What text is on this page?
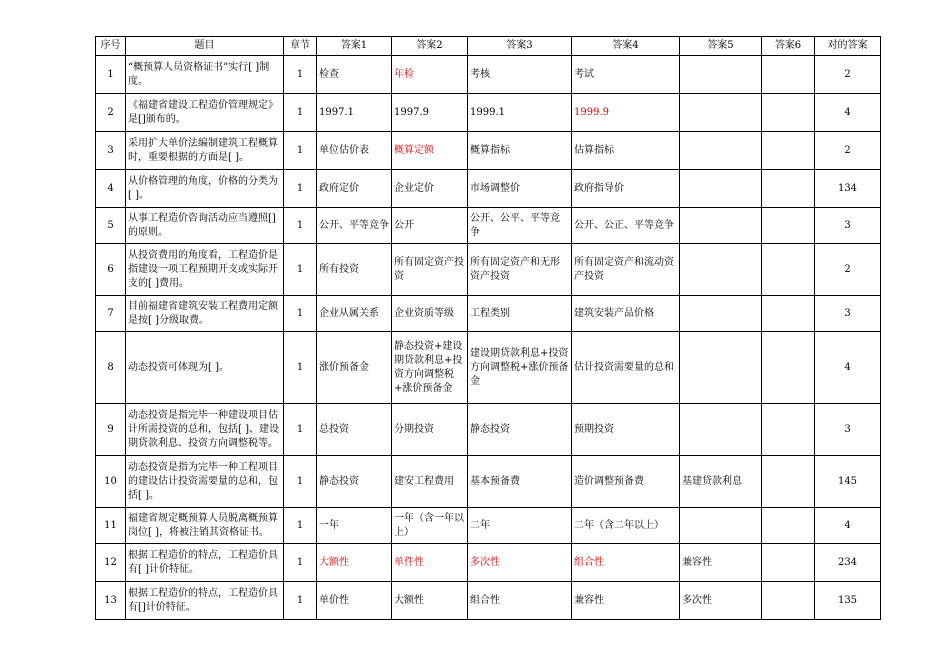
序号	题目	章节	答案1	答案2	答案3	答案4	答案5	答案6	对的答案
1	“概预算人员资格证书”实行[ ]制度。	1	检查	年检	考核	考试			2
2	《福建省建设工程造价管理规定》是[]颁布的。	1	1997.1	1997.9	1999.1	1999.9			4
3	采用扩大单价法编制建筑工程概算时，重要根据的方面是[ ]。	1	单位估价表	概算定额	概算指标	估算指标			2
4	从价格管理的角度，价格的分类为[ ]。	1	政府定价	企业定价	市场调整价	政府指导价			134
5	从事工程造价咨询活动应当遵照[]的原则。	1	公开、平等竞争	公开	公开、公平、平等竞争	公开、公正、平等竞争			3
6	从投资费用的角度看，工程造价是指建设一项工程预期开支或实际开支的[ ]费用。	1	所有投资	所有固定资产投资	所有固定资产和无形资产投资	所有固定资产和流动资产投资			2
7	目前福建省建筑安装工程费用定额是按[ ]分级取费。	1	企业从属关系	企业资质等级	工程类别	建筑安装产品价格			3
8	动态投资可体现为[ ]。	1	涨价预备金	静态投资+建设期贷款利息+投资方向调整税+涨价预备金	建设期贷款利息+投资方向调整税+涨价预备金	估计投资需要量的总和			4
9	动态投资是指完毕一种建设项目估计所需投资的总和，包括[ ]、建设期贷款利息、投资方向调整税等。	1	总投资	分期投资	静态投资	预期投资			3
10	动态投资是指为完毕一种工程项目的建设估计投资需要量的总和，包括[ ]。	1	静态投资	建安工程费用	基本预备费	造价调整预备费	基建贷款利息		145
11	福建省规定概预算人员脱离概预算岗位[ ]，将被注销其资格证书。	1	一年	一年（含一年以上）	二年	二年（含二年以上）			4
12	根据工程造价的特点，工程造价具有[ ]计价特征。	1	大额性	单件性	多次性	组合性	兼容性		234
13	根据工程造价的特点，工程造价具有[]计价特征。	1	单价性	大额性	组合性	兼容性	多次性		135
